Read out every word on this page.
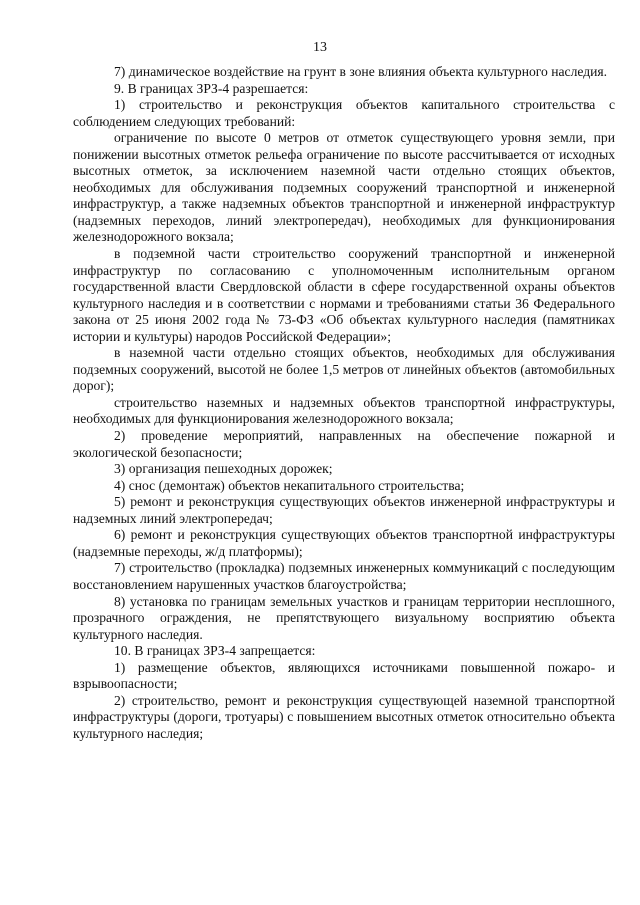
13

7) динамическое воздействие на грунт в зоне влияния объекта культурного наследия.

9. В границах ЗРЗ-4 разрешается:

1) строительство и реконструкция объектов капитального строительства с соблюдением следующих требований:

ограничение по высоте 0 метров от отметок существующего уровня земли, при понижении высотных отметок рельефа ограничение по высоте рассчитывается от исходных высотных отметок, за исключением наземной части отдельно стоящих объектов, необходимых для обслуживания подземных сооружений транспортной и инженерной инфраструктур, а также надземных объектов транспортной и инженерной инфраструктур (надземных переходов, линий электропередач), необходимых для функционирования железнодорожного вокзала;

в подземной части строительство сооружений транспортной и инженерной инфраструктур по согласованию с уполномоченным исполнительным органом государственной власти Свердловской области в сфере государственной охраны объектов культурного наследия и в соответствии с нормами и требованиями статьи 36 Федерального закона от 25 июня 2002 года № 73-ФЗ «Об объектах культурного наследия (памятниках истории и культуры) народов Российской Федерации»;

в наземной части отдельно стоящих объектов, необходимых для обслуживания подземных сооружений, высотой не более 1,5 метров от линейных объектов (автомобильных дорог);

строительство наземных и надземных объектов транспортной инфраструктуры, необходимых для функционирования железнодорожного вокзала;

2) проведение мероприятий, направленных на обеспечение пожарной и экологической безопасности;

3) организация пешеходных дорожек;

4) снос (демонтаж) объектов некапитального строительства;

5) ремонт и реконструкция существующих объектов инженерной инфраструктуры и надземных линий электропередач;

6) ремонт и реконструкция существующих объектов транспортной инфраструктуры (надземные переходы, ж/д платформы);

7) строительство (прокладка) подземных инженерных коммуникаций с последующим восстановлением нарушенных участков благоустройства;

8) установка по границам земельных участков и границам территории несплошного, прозрачного ограждения, не препятствующего визуальному восприятию объекта культурного наследия.

10. В границах ЗРЗ-4 запрещается:

1) размещение объектов, являющихся источниками повышенной пожаро- и взрывоопасности;

2) строительство, ремонт и реконструкция существующей наземной транспортной инфраструктуры (дороги, тротуары) с повышением высотных отметок относительно объекта культурного наследия;
